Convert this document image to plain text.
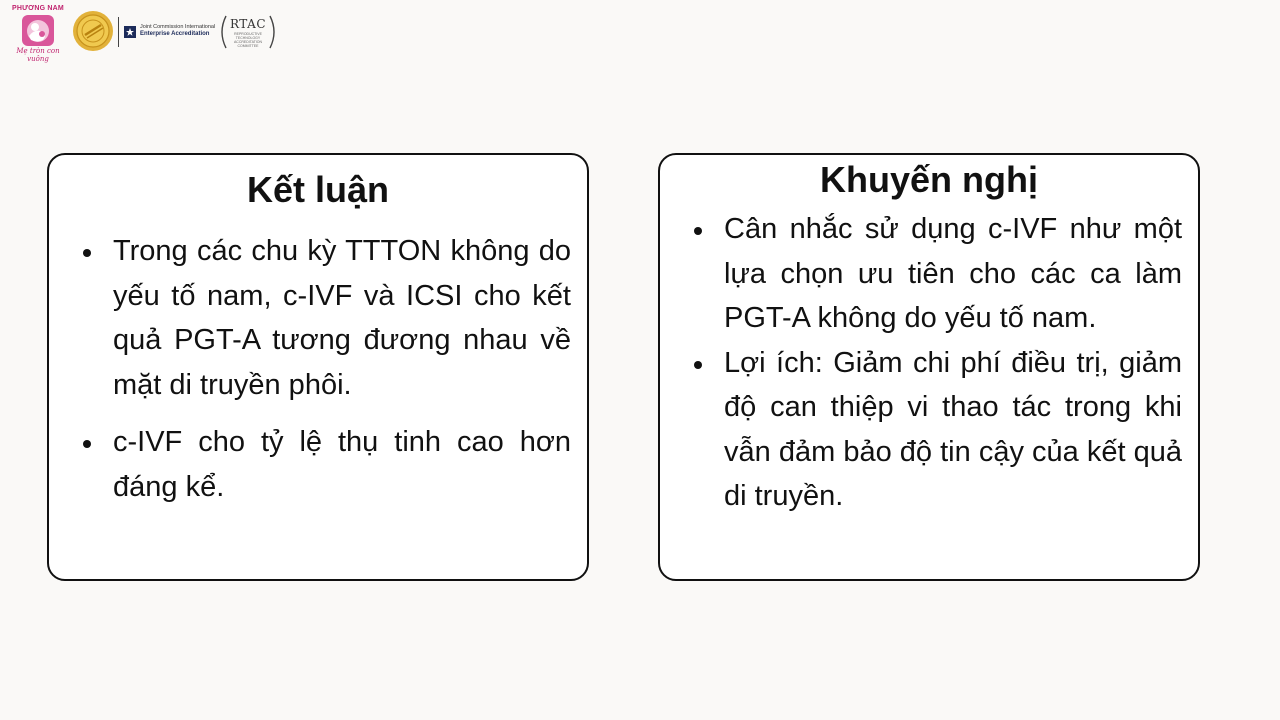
PHƯƠNG NAM
Mẹ tròn con vuông
Joint Commission International
Enterprise Accreditation
RTAC
REPRODUCTIVE TECHNOLOGY ACCREDITATION COMMITTEE
Kết luận
Trong các chu kỳ TTTON không do yếu tố nam, c-IVF và ICSI cho kết quả PGT-A tương đương nhau về mặt di truyền phôi.
c-IVF cho tỷ lệ thụ tinh cao hơn đáng kể.
Khuyến nghị
Cân nhắc sử dụng c-IVF như một lựa chọn ưu tiên cho các ca làm PGT-A không do yếu tố nam.
Lợi ích: Giảm chi phí điều trị, giảm độ can thiệp vi thao tác trong khi vẫn đảm bảo độ tin cậy của kết quả di truyền.
